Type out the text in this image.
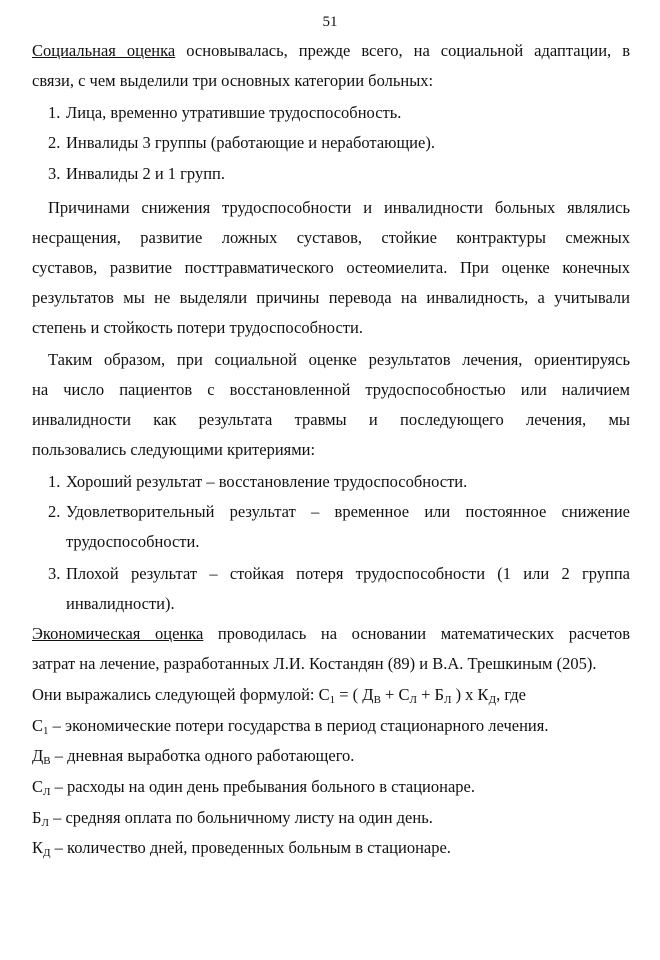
51
Социальная оценка основывалась, прежде всего, на социальной адаптации, в
связи, с чем выделили три основных категории больных:
1. Лица, временно утратившие трудоспособность.
2. Инвалиды 3 группы (работающие и неработающие).
3. Инвалиды 2 и 1 групп.
Причинами снижения трудоспособности и инвалидности больных являлись
несращения, развитие ложных суставов, стойкие контрактуры смежных
суставов, развитие посттравматического остеомиелита. При оценке конечных
результатов мы не выделяли причины перевода на инвалидность, а учитывали
степень и стойкость потери трудоспособности.
Таким образом, при социальной оценке результатов лечения, ориентируясь
на число пациентов с восстановленной трудоспособностью или наличием
инвалидности как результата травмы и последующего лечения, мы
пользовались следующими критериями:
1. Хороший результат – восстановление трудоспособности.
2. Удовлетворительный результат – временное или постоянное снижение
трудоспособности.
3. Плохой результат – стойкая потеря трудоспособности (1 или 2 группа
инвалидности).
Экономическая оценка проводилась на основании математических расчетов
затрат на лечение, разработанных Л.И. Костандян (89) и В.А. Трешкиным (205).
Они выражались следующей формулой: $С_1$ = ( $Д_В + С_Л + Б_Л$ ) х $К_Д$, где
$С_1$ – экономические потери государства в период стационарного лечения.
$Д_В$ – дневная выработка одного работающего.
$С_Л$ – расходы на один день пребывания больного в стационаре.
$Б_Л$ – средняя оплата по больничному листу на один день.
$К_Д$ – количество дней, проведенных больным в стационаре.
